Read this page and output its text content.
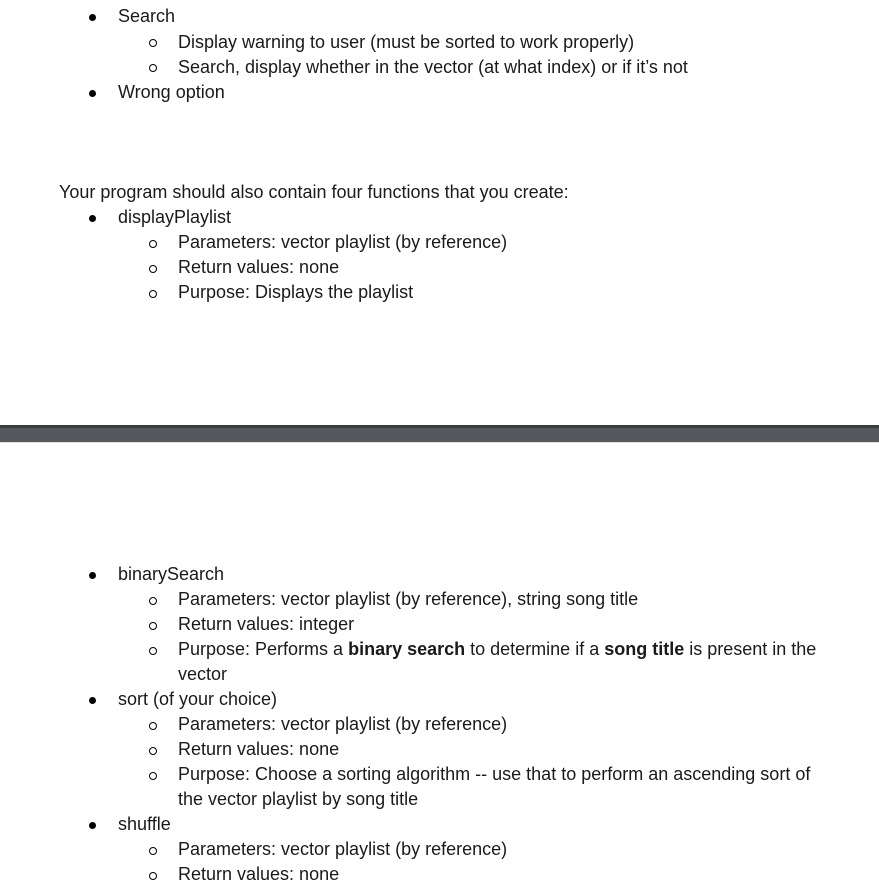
Search
Display warning to user (must be sorted to work properly)
Search, display whether in the vector (at what index) or if it’s not
Wrong option
Your program should also contain four functions that you create:
displayPlaylist
Parameters: vector playlist (by reference)
Return values: none
Purpose: Displays the playlist
binarySearch
Parameters: vector playlist (by reference), string song title
Return values: integer
Purpose: Performs a binary search to determine if a song title is present in the
vector
sort (of your choice)
Parameters: vector playlist (by reference)
Return values: none
Purpose: Choose a sorting algorithm -- use that to perform an ascending sort of
the vector playlist by song title
shuffle
Parameters: vector playlist (by reference)
Return values: none
